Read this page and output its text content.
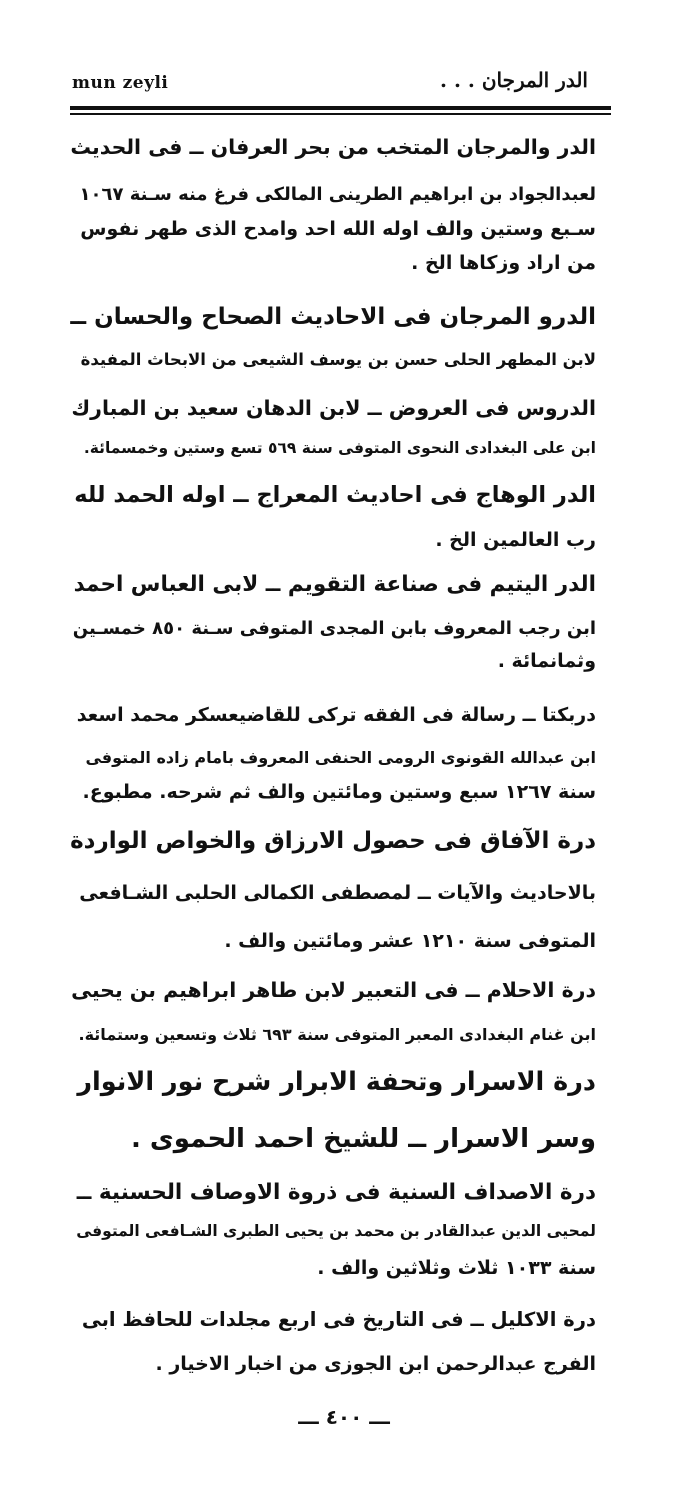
mun zeyli	الدر المرجان . . .
الدر والمرجان المتخب من بحر العرفان ــ فى الحديث
لعبدالجواد بن ابراهيم الطرينى المالكى فرغ منه سـنة ١٠٦٧
سـبع وستين والف اوله الله احد وامدح الذى طهر نفوس
من اراد وزكاها الخ .
الدرو المرجان فى الاحاديث الصحاح والحسان ــ
لابن المطهر الحلى حسن بن يوسف الشيعى من الابحاث المفيدة
الدروس فى العروض ــ لابن الدهان سعيد بن المبارك
ابن على البغدادى النحوى المتوفى سنة ٥٦٩ تسع وستين وخمسمائة.
الدر الوهاج فى احاديث المعراج ــ اوله الحمد لله
رب العالمين الخ .
الدر اليتيم فى صناعة التقويم ــ لابى العباس احمد
ابن رجب المعروف بابن المجدى المتوفى سـنة ٨٥٠ خمسـين
وثمانمائة .
دربكتا ــ رسالة فى الفقه تركى للقاضيعسكر محمد اسعد
ابن عبدالله القونوى الرومى الحنفى المعروف بامام زاده المتوفى
سنة ١٢٦٧ سبع وستين ومائتين والف ثم شرحه. مطبوع.
درة الآفاق فى حصول الارزاق والخواص الواردة
بالاحاديث والآيات ــ لمصطفى الكمالى الحلبى الشـافعى
المتوفى سنة ١٢١٠ عشر ومائتين والف .
درة الاحلام ــ فى التعبير لابن طاهر ابراهيم بن يحيى
ابن غنام البغدادى المعبر المتوفى سنة ٦٩٣ ثلاث وتسعين وستمائة.
درة الاسرار وتحفة الابرار شرح نور الانوار
وسر الاسرار ــ للشيخ احمد الحموى .
درة الاصداف السنية فى ذروة الاوصاف الحسنية ــ
لمحيى الدين عبدالقادر بن محمد بن يحيى الطبرى الشـافعى المتوفى
سنة ١٠٣٣ ثلاث وثلاثين والف .
درة الاكليل ــ فى التاريخ فى اربع مجلدات للحافظ ابى
الفرج عبدالرحمن ابن الجوزى من اخبار الاخيار .
ـــ ٤٠٠ ـــ
